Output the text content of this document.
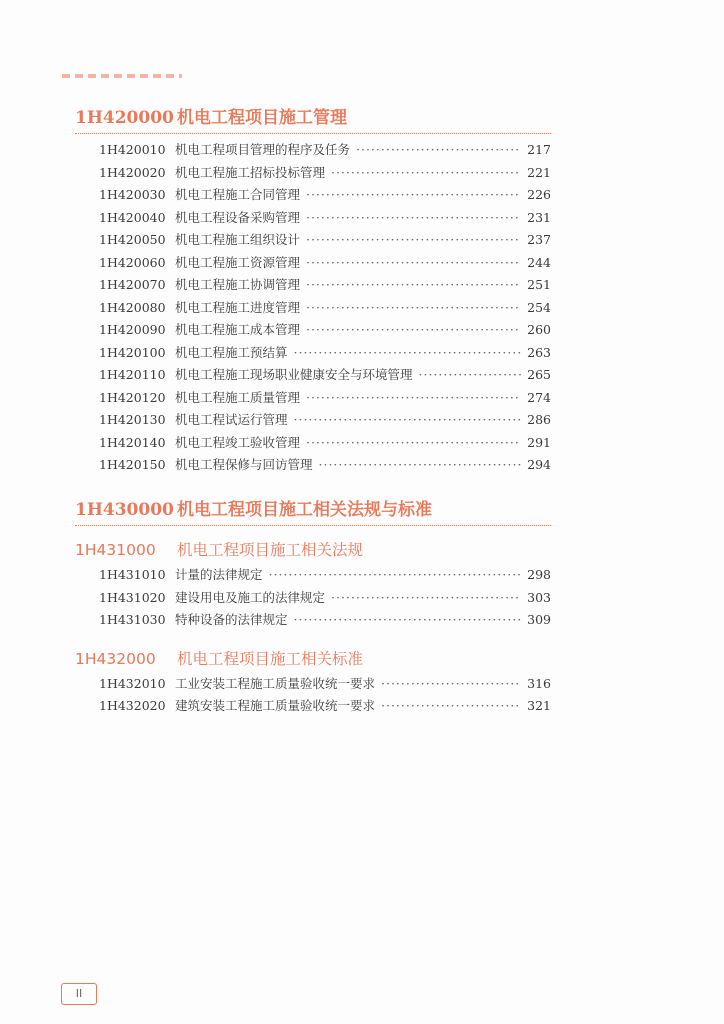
1H420000 机电工程项目施工管理
1H420010 机电工程项目管理的程序及任务 ·····	217
1H420020 机电工程施工招标投标管理 ·····	221
1H420030 机电工程施工合同管理 ·····	226
1H420040 机电工程设备采购管理 ·····	231
1H420050 机电工程施工组织设计 ·····	237
1H420060 机电工程施工资源管理 ·····	244
1H420070 机电工程施工协调管理 ·····	251
1H420080 机电工程施工进度管理 ·····	254
1H420090 机电工程施工成本管理 ·····	260
1H420100 机电工程施工预结算 ·····	263
1H420110 机电工程施工现场职业健康安全与环境管理 ·····	265
1H420120 机电工程施工质量管理 ·····	274
1H420130 机电工程试运行管理 ·····	286
1H420140 机电工程竣工验收管理 ·····	291
1H420150 机电工程保修与回访管理 ·····	294
1H430000 机电工程项目施工相关法规与标准
1H431000	机电工程项目施工相关法规
1H431010 计量的法律规定 ·····	298
1H431020 建设用电及施工的法律规定 ·····	303
1H431030 特种设备的法律规定 ·····	309
1H432000	机电工程项目施工相关标准
1H432010 工业安装工程施工质量验收统一要求 ·····	316
1H432020 建筑安装工程施工质量验收统一要求 ·····	321
II
